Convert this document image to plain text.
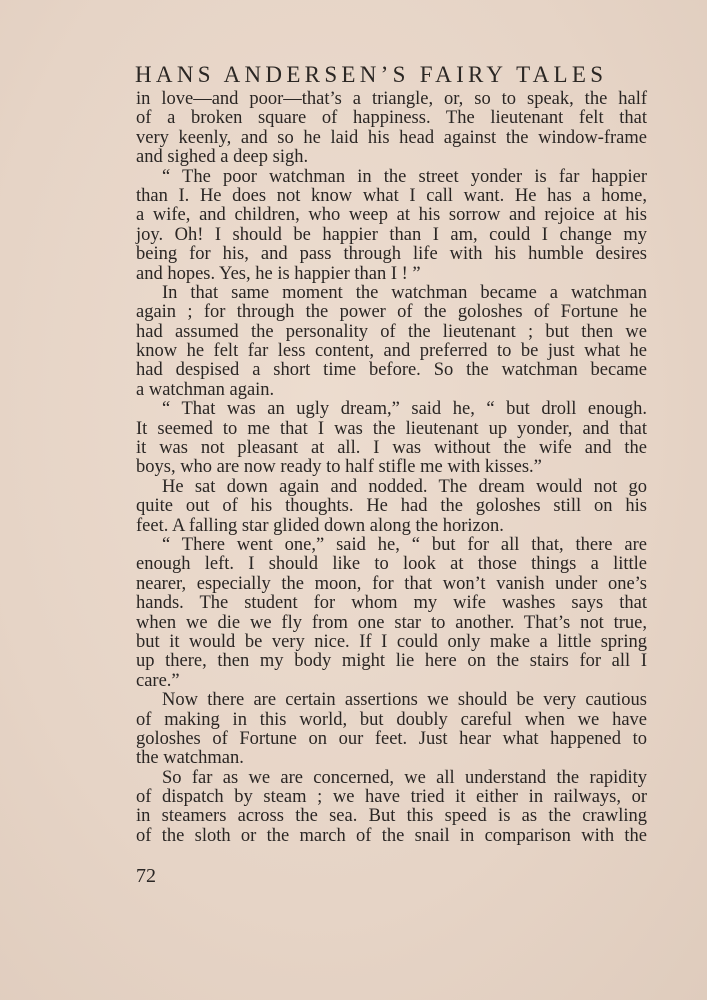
HANS ANDERSEN’S FAIRY TALES
in love—and poor—that’s a triangle, or, so to speak, the half
of a broken square of happiness. The lieutenant felt that
very keenly, and so he laid his head against the window-frame
and sighed a deep sigh.
“ The poor watchman in the street yonder is far happier
than I. He does not know what I call want. He has a home,
a wife, and children, who weep at his sorrow and rejoice at his
joy. Oh! I should be happier than I am, could I change my
being for his, and pass through life with his humble desires
and hopes. Yes, he is happier than I ! ”
In that same moment the watchman became a watchman
again ; for through the power of the goloshes of Fortune he
had assumed the personality of the lieutenant ; but then we
know he felt far less content, and preferred to be just what he
had despised a short time before. So the watchman became
a watchman again.
“ That was an ugly dream,” said he, “ but droll enough.
It seemed to me that I was the lieutenant up yonder, and that
it was not pleasant at all. I was without the wife and the
boys, who are now ready to half stifle me with kisses.”
He sat down again and nodded. The dream would not go
quite out of his thoughts. He had the goloshes still on his
feet. A falling star glided down along the horizon.
“ There went one,” said he, “ but for all that, there are
enough left. I should like to look at those things a little
nearer, especially the moon, for that won’t vanish under one’s
hands. The student for whom my wife washes says that
when we die we fly from one star to another. That’s not true,
but it would be very nice. If I could only make a little spring
up there, then my body might lie here on the stairs for all I
care.”
Now there are certain assertions we should be very cautious
of making in this world, but doubly careful when we have
goloshes of Fortune on our feet. Just hear what happened to
the watchman.
So far as we are concerned, we all understand the rapidity
of dispatch by steam ; we have tried it either in railways, or
in steamers across the sea. But this speed is as the crawling
of the sloth or the march of the snail in comparison with the
72
